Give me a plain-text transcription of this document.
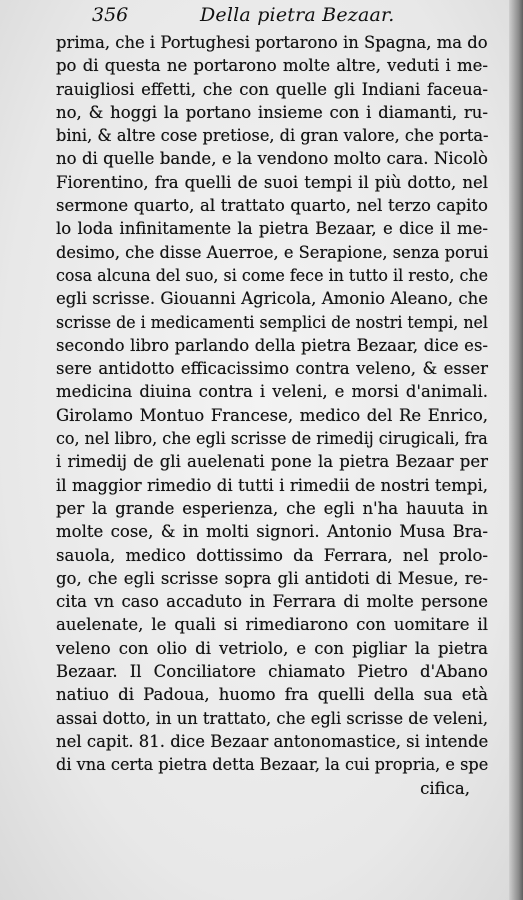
356	Della pietra Bezaar.
prima, che i Portughesi portarono in Spagna, ma do
po di questa ne portarono molte altre, veduti i me-
rauigliosi effetti, che con quelle gli Indiani faceua-
no, & hoggi la portano insieme con i diamanti, ru-
bini, & altre cose pretiose, di gran valore, che porta-
no di quelle bande, e la vendono molto cara. Nicolò
Fiorentino, fra quelli de suoi tempi il più dotto, nel
sermone quarto, al trattato quarto, nel terzo capito
lo loda infinitamente la pietra Bezaar, e dice il me-
desimo, che disse Auerroe, e Serapione, senza porui
cosa alcuna del suo, si come fece in tutto il resto, che
egli scrisse. Giouanni Agricola, Amonio Aleano, che
scrisse de i medicamenti semplici de nostri tempi, nel
secondo libro parlando della pietra Bezaar, dice es-
sere antidotto efficacissimo contra veleno, & esser
medicina diuina contra i veleni, e morsi d'animali.
Girolamo Montuo Francese, medico del Re Enrico,
co, nel libro, che egli scrisse de rimedij cirugicali, fra
i rimedij de gli auelenati pone la pietra Bezaar per
il maggior rimedio di tutti i rimedii de nostri tempi,
per la grande esperienza, che egli n'ha hauuta in
molte cose, & in molti signori. Antonio Musa Bra-
sauola, medico dottissimo da Ferrara, nel prolo-
go, che egli scrisse sopra gli antidoti di Mesue, re-
cita vn caso accaduto in Ferrara di molte persone
auelenate, le quali si rimediarono con uomitare il
veleno con olio di vetriolo, e con pigliar la pietra
Bezaar. Il Conciliatore chiamato Pietro d'Abano
natiuo di Padoua, huomo fra quelli della sua età
assai dotto, in un trattato, che egli scrisse de veleni,
nel capit. 81. dice Bezaar antonomastice, si intende
di vna certa pietra detta Bezaar, la cui propria, e spe
cifica,
